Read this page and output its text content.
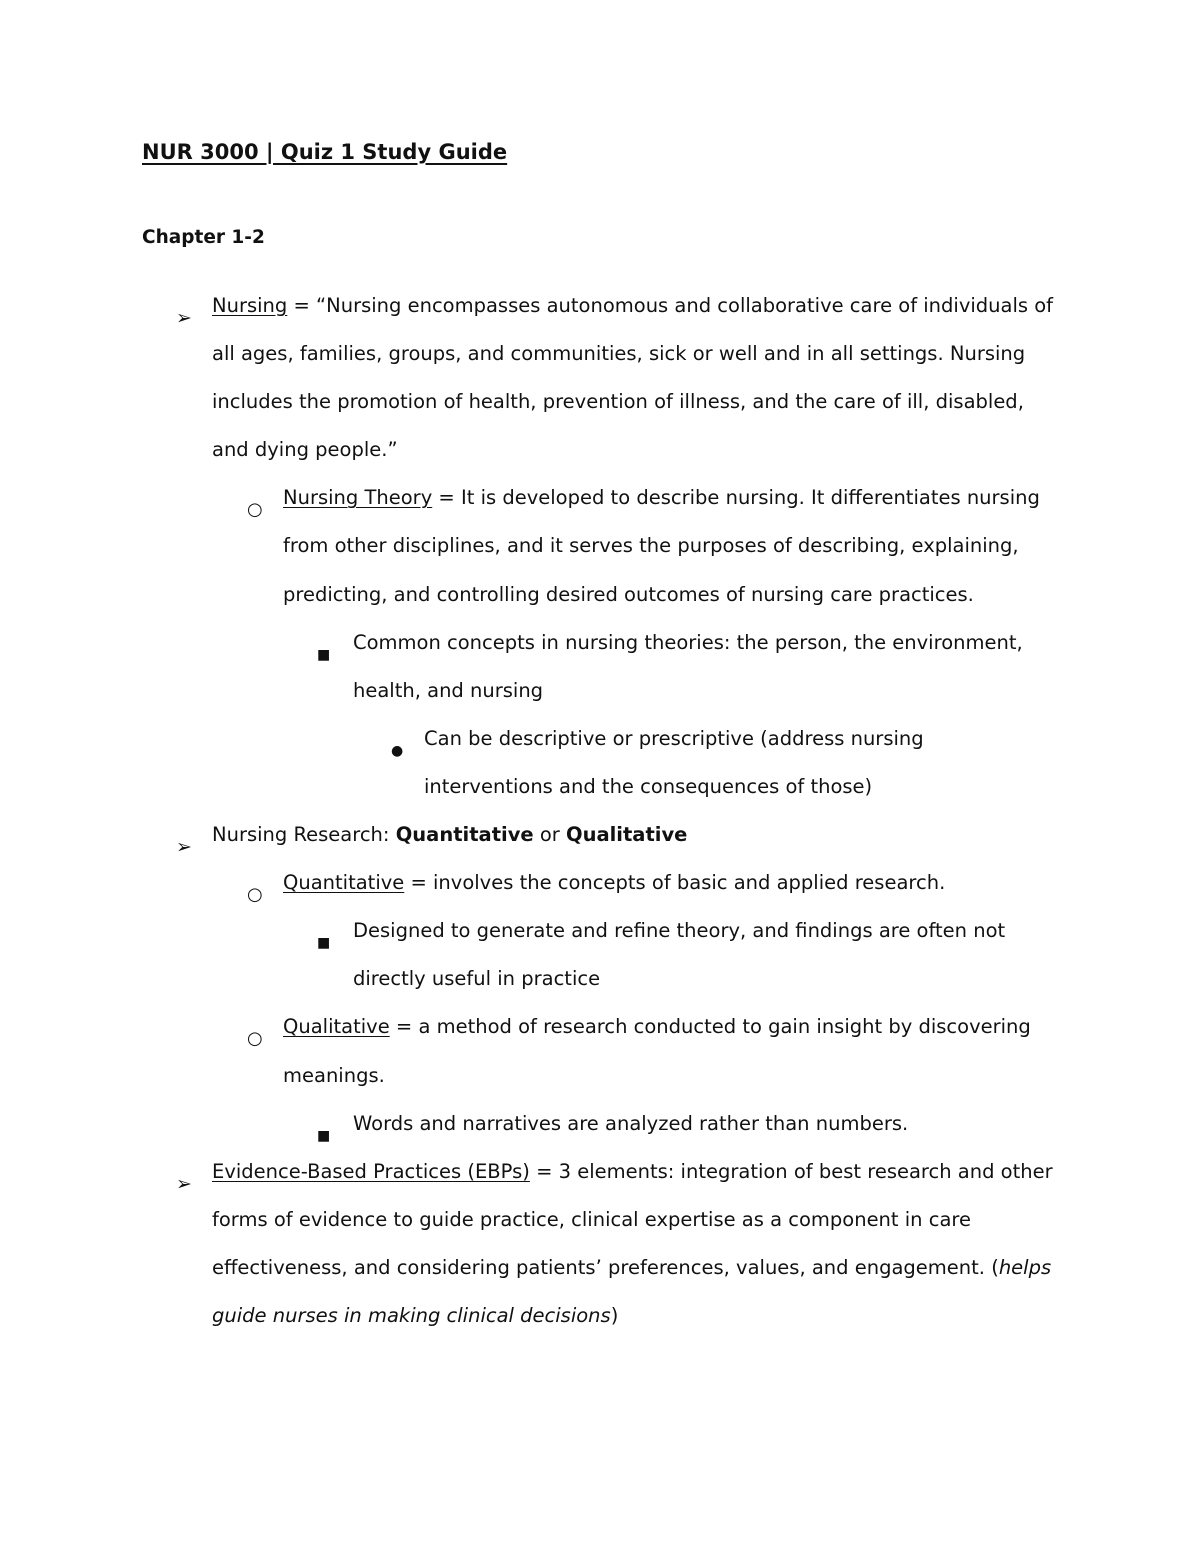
NUR 3000 | Quiz 1 Study Guide
Chapter 1-2

➢
Nursing = “Nursing encompasses autonomous and collaborative care of individuals of all ages, families, groups, and communities, sick or well and in all settings. Nursing includes the promotion of health, prevention of illness, and the care of ill, disabled, and dying people.”

○
Nursing Theory = It is developed to describe nursing. It differentiates nursing from other disciplines, and it serves the purposes of describing, explaining, predicting, and controlling desired outcomes of nursing care practices.

■
Common concepts in nursing theories: the person, the environment, health, and nursing

●
Can be descriptive or prescriptive (address nursing interventions and the consequences of those)

➢
Nursing Research: Quantitative or Qualitative

○
Quantitative = involves the concepts of basic and applied research.

■
Designed to generate and refine theory, and findings are often not directly useful in practice

○
Qualitative = a method of research conducted to gain insight by discovering meanings.

■
Words and narratives are analyzed rather than numbers.

➢
Evidence-Based Practices (EBPs) = 3 elements: integration of best research and other forms of evidence to guide practice, clinical expertise as a component in care effectiveness, and considering patients’ preferences, values, and engagement. (helps guide nurses in making clinical decisions)
